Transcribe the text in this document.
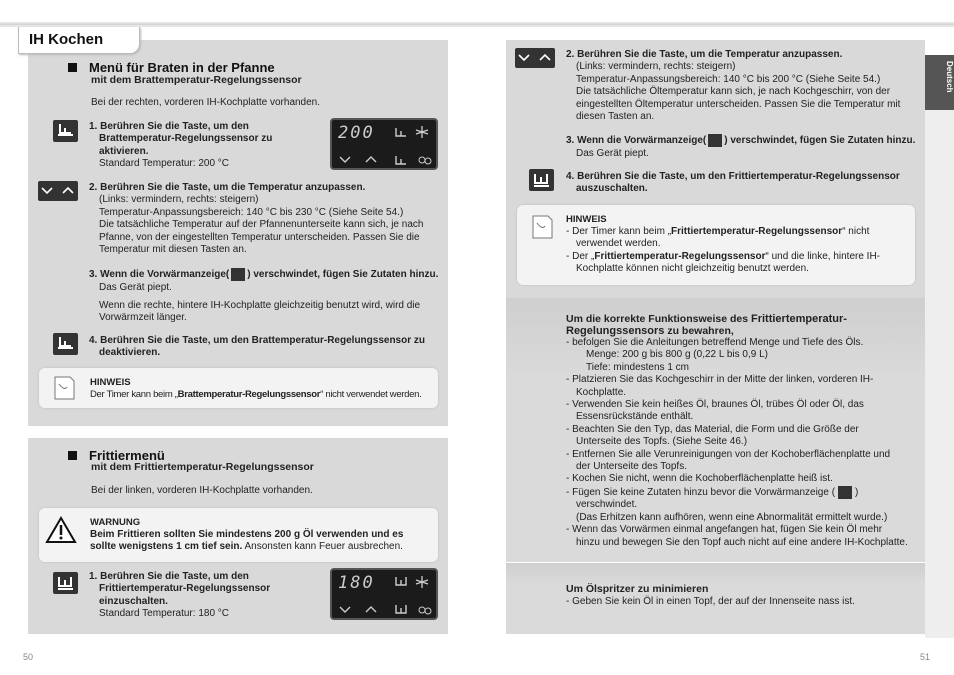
IH Kochen
Menü für Braten in der Pfanne
mit dem Brattemperatur-Regelungssensor
Bei der rechten, vorderen IH-Kochplatte vorhanden.
1. Berühren Sie die Taste, um den
Brattemperatur-Regelungssensor zu
aktivieren.
Standard Temperatur: 200 °C
200
2. Berühren Sie die Taste, um die Temperatur anzupassen.
(Links: vermindern, rechts: steigern)
Temperatur-Anpassungsbereich: 140 °C bis 230 °C (Siehe Seite 54.)
Die tatsächliche Temperatur auf der Pfannenunterseite kann sich, je nach
Pfanne, von der eingestellten Temperatur unterscheiden. Passen Sie die
Temperatur mit diesen Tasten an.
3. Wenn die Vorwärmanzeige( ) verschwindet, fügen Sie Zutaten hinzu.
Das Gerät piept.
Wenn die rechte, hintere IH-Kochplatte gleichzeitig benutzt wird, wird die
Vorwärmzeit länger.
4. Berühren Sie die Taste, um den Brattemperatur-Regelungssensor zu
deaktivieren.
HINWEIS
Der Timer kann beim „Brattemperatur-Regelungssensor“ nicht verwendet werden.
Frittiermenü
mit dem Frittiertemperatur-Regelungssensor
Bei der linken, vorderen IH-Kochplatte vorhanden.
WARNUNG
Beim Frittieren sollten Sie mindestens 200 g Öl verwenden und es
sollte wenigstens 1 cm tief sein. Ansonsten kann Feuer ausbrechen.
1. Berühren Sie die Taste, um den
Frittiertemperatur-Regelungssensor
einzuschalten.
Standard Temperatur: 180 °C
180
50
2. Berühren Sie die Taste, um die Temperatur anzupassen.
(Links: vermindern, rechts: steigern)
Temperatur-Anpassungsbereich: 140 °C bis 200 °C (Siehe Seite 54.)
Die tatsächliche Öltemperatur kann sich, je nach Kochgeschirr, von der
eingestellten Öltemperatur unterscheiden. Passen Sie die Temperatur mit
diesen Tasten an.
3. Wenn die Vorwärmanzeige( ) verschwindet, fügen Sie Zutaten hinzu.
Das Gerät piept.
4. Berühren Sie die Taste, um den Frittiertemperatur-Regelungssensor
auszuschalten.
HINWEIS
- Der Timer kann beim „Frittiertemperatur-Regelungssensor“ nicht
verwendet werden.
- Der „Frittiertemperatur-Regelungssensor“ und die linke, hintere IH-
Kochplatte können nicht gleichzeitig benutzt werden.
Um die korrekte Funktionsweise des Frittiertemperatur-
Regelungssensors zu bewahren,
- befolgen Sie die Anleitungen betreffend Menge und Tiefe des Öls.
Menge: 200 g bis 800 g (0,22 L bis 0,9 L)
Tiefe: mindestens 1 cm
- Platzieren Sie das Kochgeschirr in der Mitte der linken, vorderen IH-
Kochplatte.
- Verwenden Sie kein heißes Öl, braunes Öl, trübes Öl oder Öl, das
Essensrückstände enthält.
- Beachten Sie den Typ, das Material, die Form und die Größe der
Unterseite des Topfs. (Siehe Seite 46.)
- Entfernen Sie alle Verunreinigungen von der Kochoberflächenplatte und
der Unterseite des Topfs.
- Kochen Sie nicht, wenn die Kochoberflächenplatte heiß ist.
- Fügen Sie keine Zutaten hinzu bevor die Vorwärmanzeige ( )
verschwindet.
(Das Erhitzen kann aufhören, wenn eine Abnormalität ermittelt wurde.)
- Wenn das Vorwärmen einmal angefangen hat, fügen Sie kein Öl mehr
hinzu und bewegen Sie den Topf auch nicht auf eine andere IH-Kochplatte.
Um Ölspritzer zu minimieren
- Geben Sie kein Öl in einen Topf, der auf der Innenseite nass ist.
Deutsch
51
